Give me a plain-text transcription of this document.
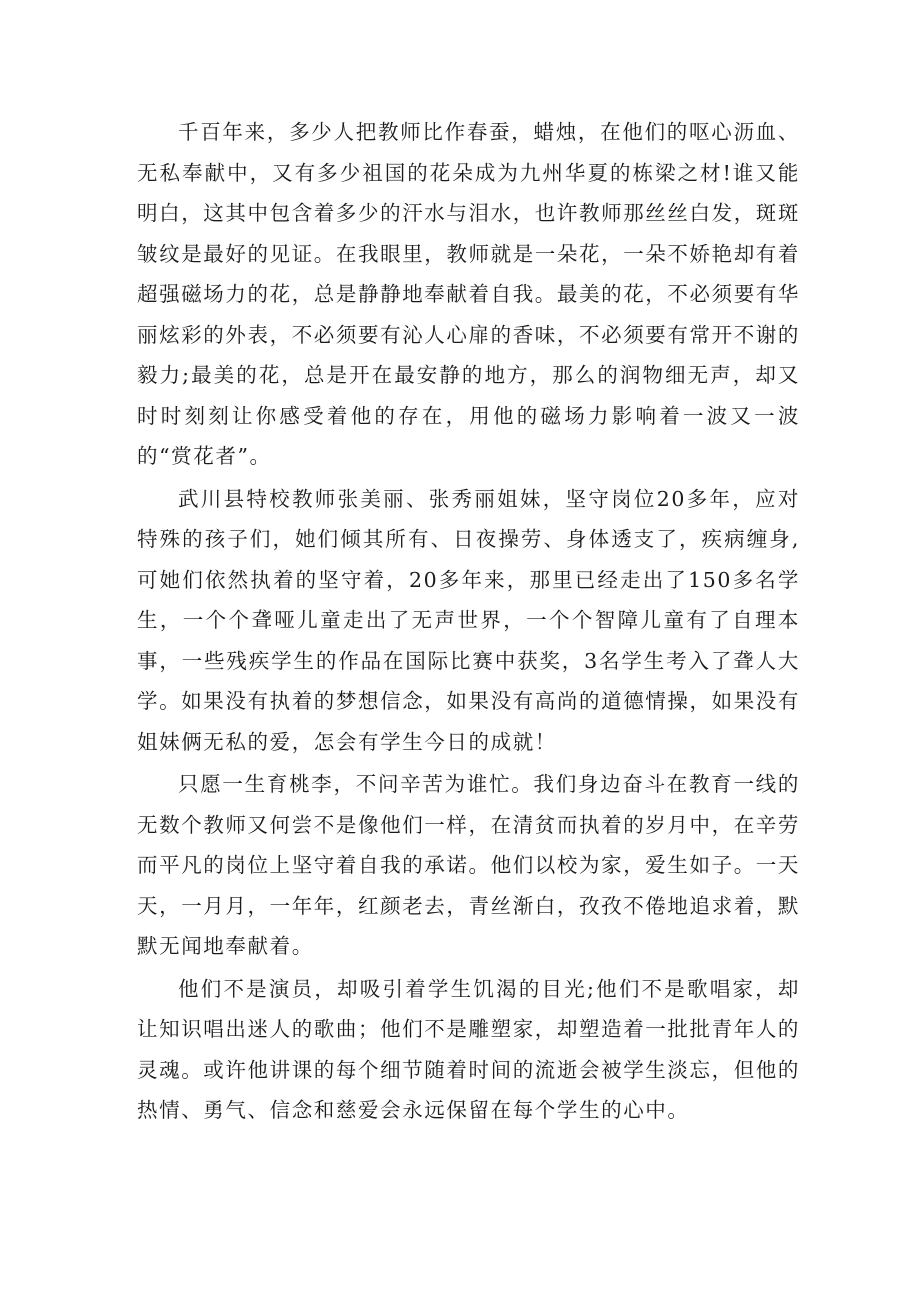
千百年来，多少人把教师比作春蚕，蜡烛，在他们的呕心沥血、无私奉献中，又有多少祖国的花朵成为九州华夏的栋梁之材!谁又能明白，这其中包含着多少的汗水与泪水，也许教师那丝丝白发，斑斑皱纹是最好的见证。在我眼里，教师就是一朵花，一朵不娇艳却有着超强磁场力的花，总是静静地奉献着自我。最美的花，不必须要有华丽炫彩的外表，不必须要有沁人心扉的香味，不必须要有常开不谢的毅力;最美的花，总是开在最安静的地方，那么的润物细无声，却又时时刻刻让你感受着他的存在，用他的磁场力影响着一波又一波的“赏花者”。

武川县特校教师张美丽、张秀丽姐妹，坚守岗位20多年，应对特殊的孩子们，她们倾其所有、日夜操劳、身体透支了，疾病缠身,可她们依然执着的坚守着，20多年来，那里已经走出了150多名学生，一个个聋哑儿童走出了无声世界，一个个智障儿童有了自理本事，一些残疾学生的作品在国际比赛中获奖，3名学生考入了聋人大学。如果没有执着的梦想信念，如果没有高尚的道德情操，如果没有姐妹俩无私的爱，怎会有学生今日的成就！

只愿一生育桃李，不问辛苦为谁忙。我们身边奋斗在教育一线的无数个教师又何尝不是像他们一样，在清贫而执着的岁月中，在辛劳而平凡的岗位上坚守着自我的承诺。他们以校为家，爱生如子。一天天，一月月，一年年，红颜老去，青丝渐白，孜孜不倦地追求着，默默无闻地奉献着。

他们不是演员，却吸引着学生饥渴的目光;他们不是歌唱家，却让知识唱出迷人的歌曲；他们不是雕塑家，却塑造着一批批青年人的灵魂。或许他讲课的每个细节随着时间的流逝会被学生淡忘，但他的热情、勇气、信念和慈爱会永远保留在每个学生的心中。
